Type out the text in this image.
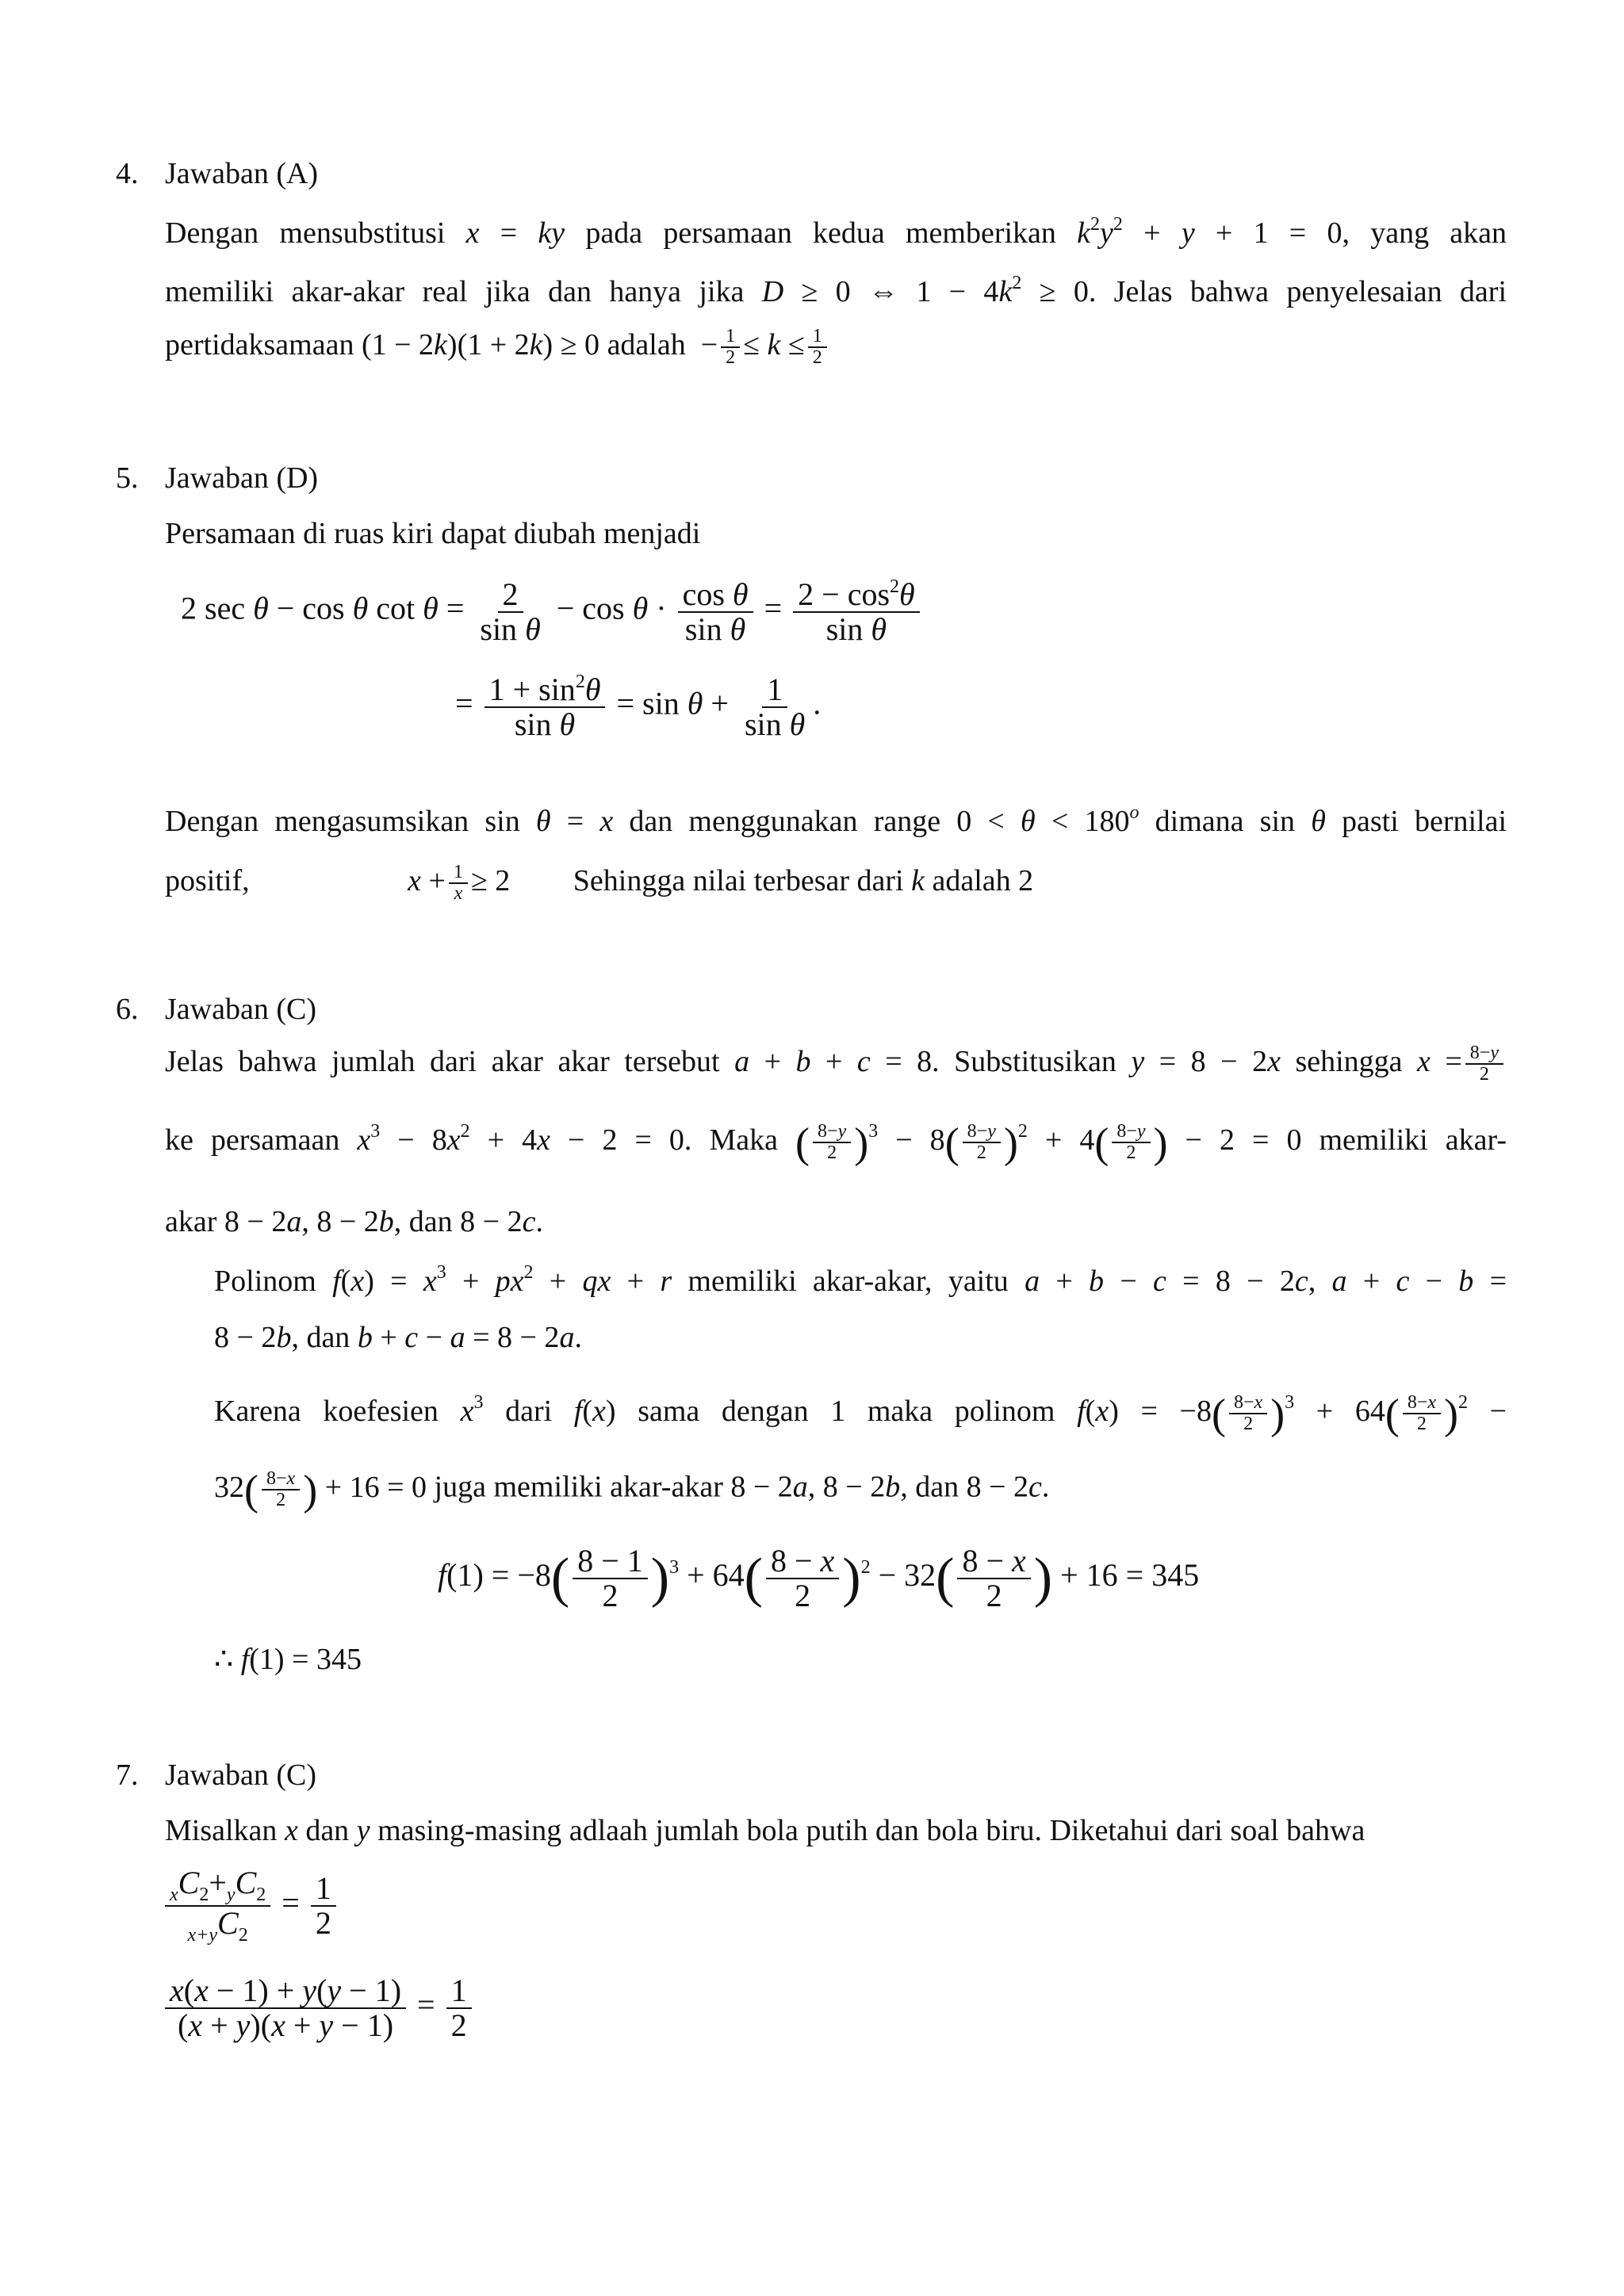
4. Jawaban (A)
Dengan mensubstitusi x = ky pada persamaan kedua memberikan $k^2y^2 + y + 1 = 0$, yang akan
memiliki akar-akar real jika dan hanya jika D ≥ 0 ⇔ $1 - 4k^2 \ge 0$. Jelas bahwa penyelesaian dari
pertidaksamaan (1 − 2k)(1 + 2k) ≥ 0 adalah  − $\frac{1}{2} \le k \le \frac{1}{2}$
5. Jawaban (D)
Persamaan di ruas kiri dapat diubah menjadi
2 sec θ − cos θ $\cot \theta = \frac{2}{\text{sin θ}} - \cos \theta \cdot \frac{\text{cos θ}}{\text{sin θ}} = \frac{2 - \cos^2\theta}{\text{sin θ}}$
= $\frac{1 + \sin^2\theta}{\text{sin θ}} = \sin \theta + \frac{1}{\text{sin θ}}$ .
Dengan mengasumsikan sin θ = x dan menggunakan range $0 < \theta < 180^o$ dimana sin θ pasti bernilai
positif,	$x + \frac{1}{x} \ge 2$ Sehingga nilai terbesar dari k adalah 2
6. Jawaban (C)
Jelas bahwa jumlah dari akar akar tersebut a + b + c = 8. Substitusikan y = 8 − 2x sehingga $x = \frac{8-y}{2}$
ke persamaan $x^3 - 8x^2 + 4x - 2 = 0$. Maka ( $\frac{8-y}{2} )^3 - 8( \frac{8-y}{2} )^2 + 4( \frac{8-y}{2}$ ) − 2 = 0 memiliki akar-
akar 8 − 2a, 8 − 2b, dan 8 − 2c.
Polinom $f(x) = x^3 + px^2$ + qx + r memiliki akar-akar, yaitu a + b − c = 8 − 2c, a + c − b =
8 − 2b, dan b + c − a = 8 − 2a.
Karena koefesien $x^3$ dari f(x) sama dengan 1 maka polinom $f(x) = -8( \frac{8-x}{2} )^3 + 64( \frac{8-x}{2} )^2$ −
$32( \frac{8-x}{2}$ ) + 16 = 0 juga memiliki akar-akar 8 − 2a, 8 − 2b, dan 8 − 2c.
$f(1) = -8( \frac{8 - 1}{2} )^3 + 64( \frac{8 - x}{2} )^2 - 32( \frac{8 - x}{2}$ ) + 16 = 345
∴ f(1) = 345
7. Jawaban (C)
Misalkan x dan y masing-masing adlaah jumlah bola putih dan bola biru. Diketahui dari soal bahwa
$\frac{_xC_2+_yC_2}{_{x+y}C_2} = \frac{1}{2}$
$\frac{x(x - 1) + y(y - 1)}{(x + y)(x + y - 1)} = \frac{1}{2}$
